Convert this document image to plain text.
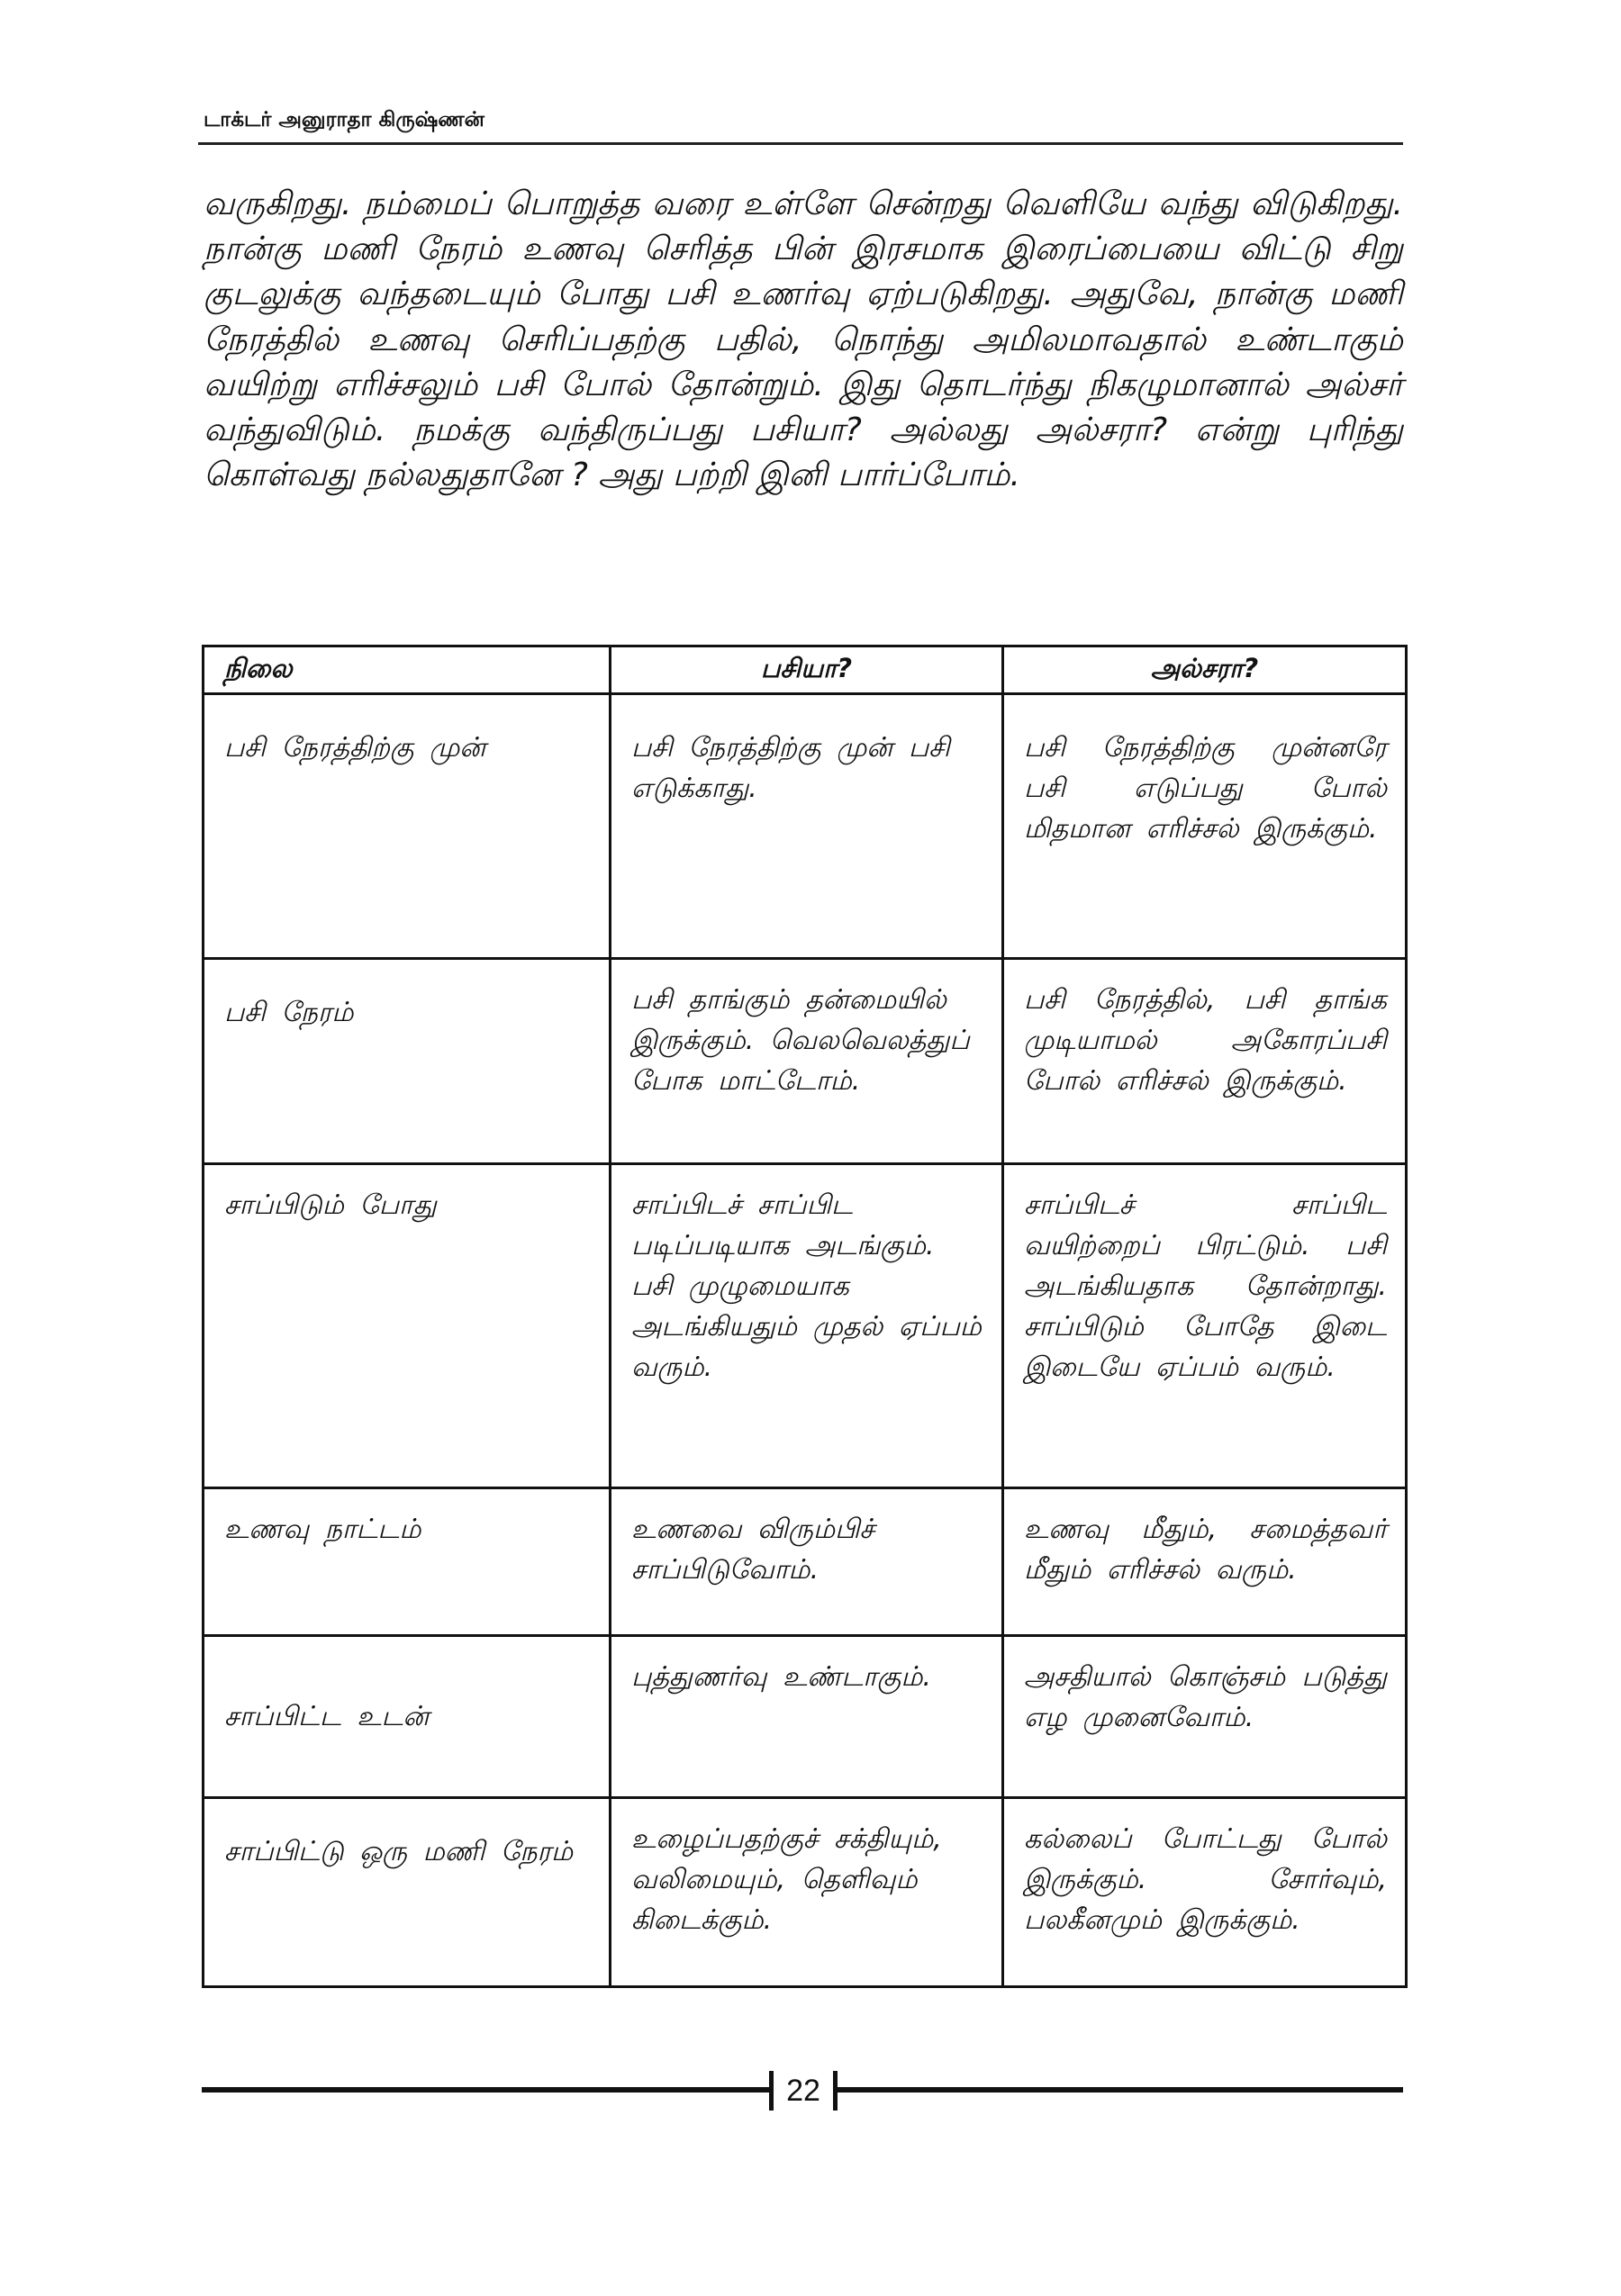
டாக்டர் அனுராதா கிருஷ்ணன்

வருகிறது. நம்மைப் பொறுத்த வரை உள்ளே சென்றது வெளியே வந்து விடுகிறது. நான்கு மணி நேரம் உணவு செரித்த பின் இரசமாக இரைப்பையை விட்டு சிறு குடலுக்கு வந்தடையும் போது பசி உணர்வு ஏற்படுகிறது. அதுவே, நான்கு மணி நேரத்தில் உணவு செரிப்பதற்கு பதில், நொந்து அமிலமாவதால் உண்டாகும் வயிற்று எரிச்சலும் பசி போல் தோன்றும். இது தொடர்ந்து நிகழுமானால் அல்சர் வந்துவிடும். நமக்கு வந்திருப்பது பசியா? அல்லது அல்சரா? என்று புரிந்து கொள்வது நல்லதுதானே ? அது பற்றி இனி பார்ப்போம்.

நிலை	பசியா?	அல்சரா?
பசி நேரத்திற்கு முன்	பசி நேரத்திற்கு முன் பசி எடுக்காது.	பசி நேரத்திற்கு முன்னரே பசி எடுப்பது போல் மிதமான எரிச்சல் இருக்கும்.
பசி நேரம்	பசி தாங்கும் தன்மையில் இருக்கும். வெலவெலத்துப் போக மாட்டோம்.	பசி நேரத்தில், பசி தாங்க முடியாமல் அகோரப்பசி போல் எரிச்சல் இருக்கும்.
சாப்பிடும் போது	சாப்பிடச் சாப்பிட படிப்படியாக அடங்கும். பசி முழுமையாக அடங்கியதும் முதல் ஏப்பம் வரும்.	சாப்பிடச் சாப்பிட வயிற்றைப் பிரட்டும். பசி அடங்கியதாக தோன்றாது. சாப்பிடும் போதே இடை இடையே ஏப்பம் வரும்.
உணவு நாட்டம்	உணவை விரும்பிச் சாப்பிடுவோம்.	உணவு மீதும், சமைத்தவர் மீதும் எரிச்சல் வரும்.
சாப்பிட்ட உடன்	புத்துணர்வு உண்டாகும்.	அசதியால் கொஞ்சம் படுத்து எழ முனைவோம்.
சாப்பிட்டு ஒரு மணி நேரம்	உழைப்பதற்குச் சக்தியும், வலிமையும், தெளிவும் கிடைக்கும்.	கல்லைப் போட்டது போல் இருக்கும். சோர்வும், பலகீனமும் இருக்கும்.
22
